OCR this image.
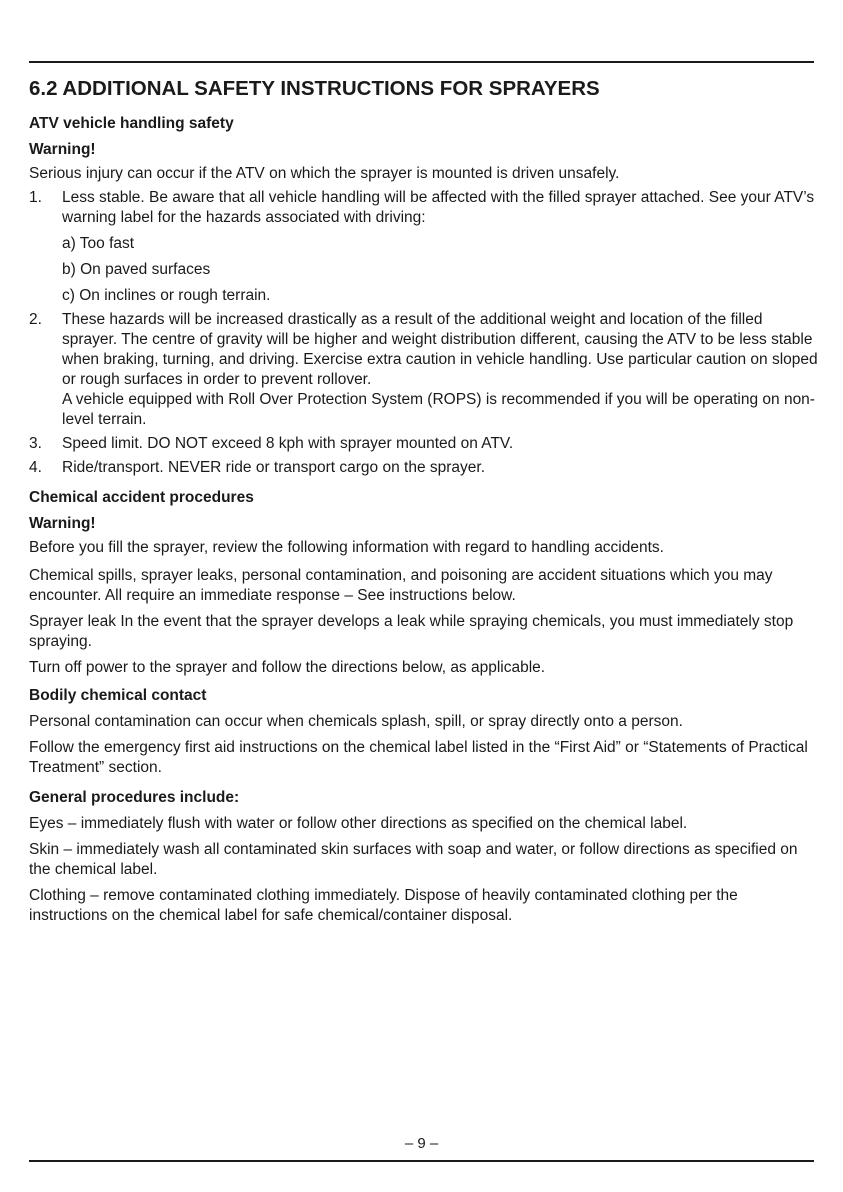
6.2 ADDITIONAL SAFETY INSTRUCTIONS FOR SPRAYERS
ATV vehicle handling safety
Warning!

Serious injury can occur if the ATV on which the sprayer is mounted is driven unsafely.

1. Less stable. Be aware that all vehicle handling will be affected with the filled sprayer attached. See your ATV’s warning label for the hazards associated with driving:
a) Too fast
b) On paved surfaces
c) On inclines or rough terrain.
2. These hazards will be increased drastically as a result of the additional weight and location of the filled sprayer. The centre of gravity will be higher and weight distribution different, causing the ATV to be less stable when braking, turning, and driving. Exercise extra caution in vehicle handling. Use particular caution on sloped or rough surfaces in order to prevent rollover.
A vehicle equipped with Roll Over Protection System (ROPS) is recommended if you will be operating on non-level terrain.
3. Speed limit. DO NOT exceed 8 kph with sprayer mounted on ATV.
4. Ride/transport. NEVER ride or transport cargo on the sprayer.
Chemical accident procedures
Warning!

Before you fill the sprayer, review the following information with regard to handling accidents.

Chemical spills, sprayer leaks, personal contamination, and poisoning are accident situations which you may encounter. All require an immediate response – See instructions below.

Sprayer leak In the event that the sprayer develops a leak while spraying chemicals, you must immediately stop spraying.

Turn off power to the sprayer and follow the directions below, as applicable.

Bodily chemical contact

Personal contamination can occur when chemicals splash, spill, or spray directly onto a person.

Follow the emergency first aid instructions on the chemical label listed in the “First Aid” or “Statements of Practical Treatment” section.

General procedures include:

Eyes – immediately flush with water or follow other directions as specified on the chemical label.

Skin – immediately wash all contaminated skin surfaces with soap and water, or follow directions as specified on the chemical label.

Clothing – remove contaminated clothing immediately. Dispose of heavily contaminated clothing per the instructions on the chemical label for safe chemical/container disposal.

– 9 –
